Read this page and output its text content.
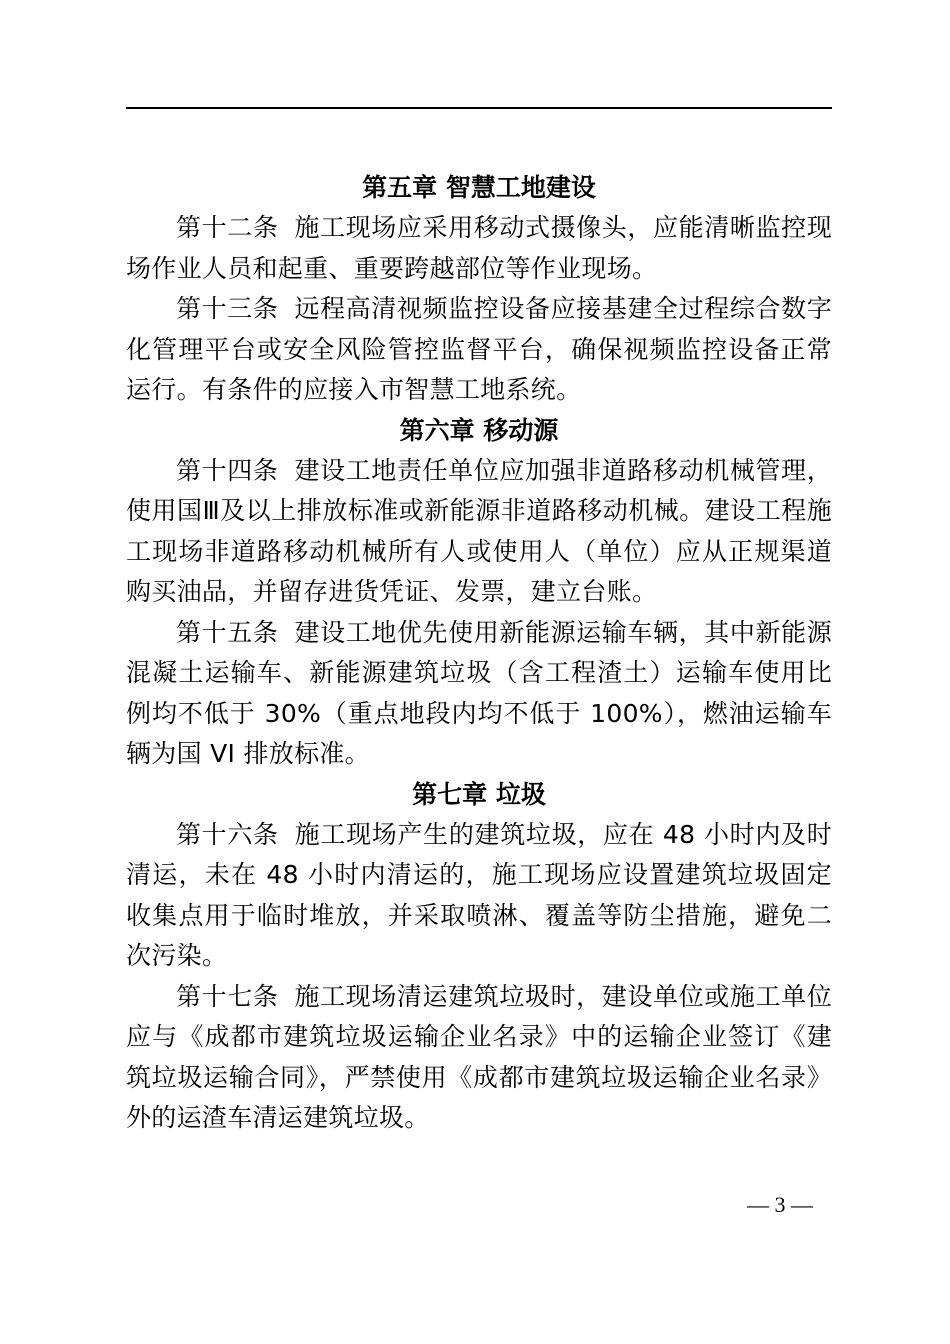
第五章 智慧工地建设

第十二条 施工现场应采用移动式摄像头，应能清晰监控现场作业人员和起重、重要跨越部位等作业现场。

第十三条 远程高清视频监控设备应接基建全过程综合数字化管理平台或安全风险管控监督平台，确保视频监控设备正常运行。有条件的应接入市智慧工地系统。

第六章 移动源

第十四条 建设工地责任单位应加强非道路移动机械管理，使用国Ⅲ及以上排放标准或新能源非道路移动机械。建设工程施工现场非道路移动机械所有人或使用人（单位）应从正规渠道购买油品，并留存进货凭证、发票，建立台账。

第十五条 建设工地优先使用新能源运输车辆，其中新能源混凝土运输车、新能源建筑垃圾（含工程渣土）运输车使用比例均不低于 30%（重点地段内均不低于 100%），燃油运输车辆为国 VI 排放标准。

第七章 垃圾

第十六条 施工现场产生的建筑垃圾，应在 48 小时内及时清运，未在 48 小时内清运的，施工现场应设置建筑垃圾固定收集点用于临时堆放，并采取喷淋、覆盖等防尘措施，避免二次污染。

第十七条 施工现场清运建筑垃圾时，建设单位或施工单位应与《成都市建筑垃圾运输企业名录》中的运输企业签订《建筑垃圾运输合同》，严禁使用《成都市建筑垃圾运输企业名录》外的运渣车清运建筑垃圾。

— 3 —
